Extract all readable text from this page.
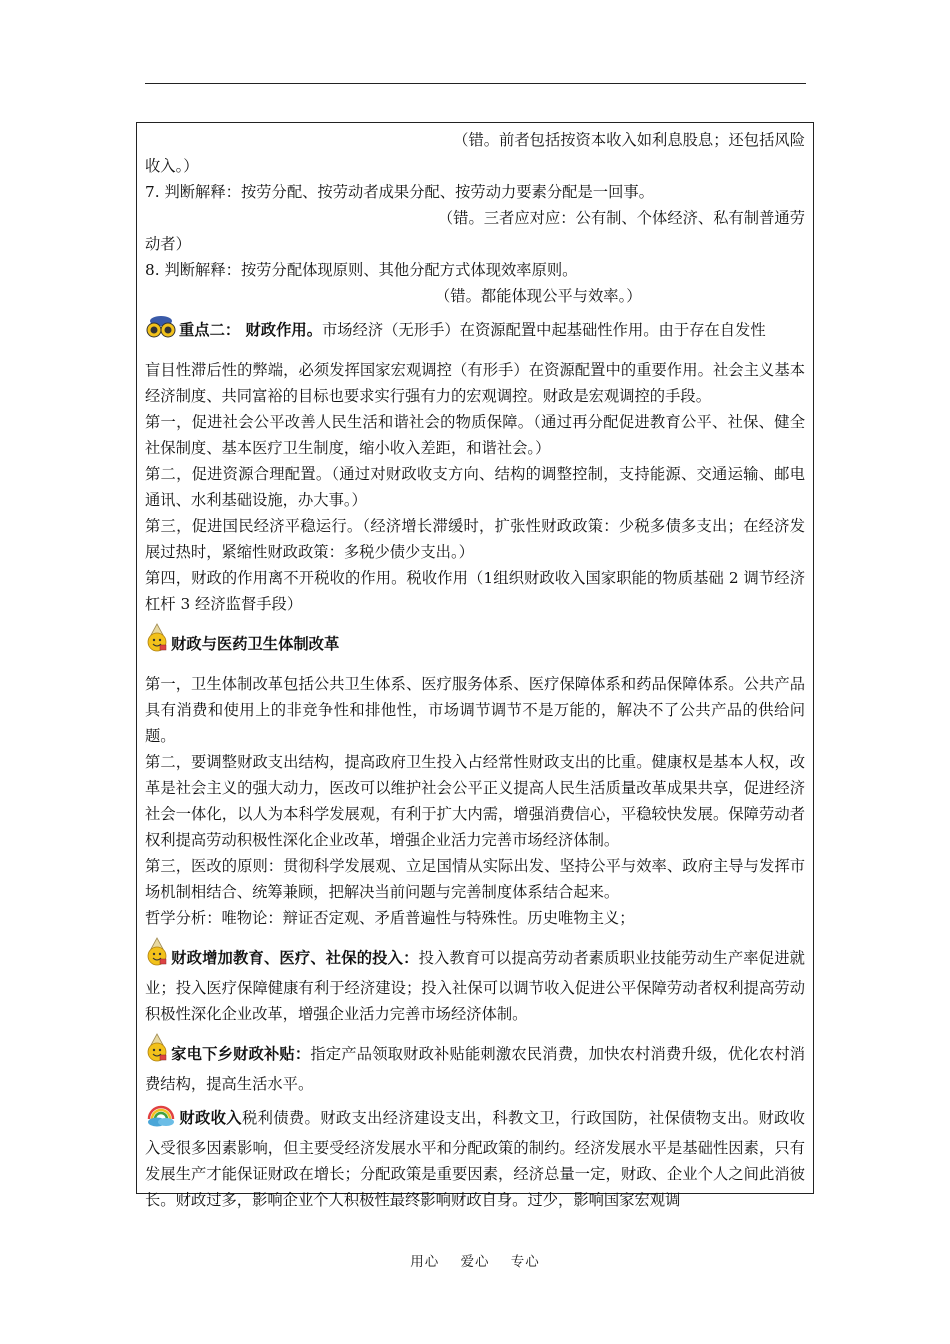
（错。前者包括按资本收入如利息股息；还包括风险

收入。）

7. 判断解释：按劳分配、按劳动者成果分配、按劳动力要素分配是一回事。

（错。三者应对应：公有制、个体经济、私有制普通劳

动者）

8. 判断解释：按劳分配体现原则、其他分配方式体现效率原则。

（错。都能体现公平与效率。）

重点二： 财政作用。市场经济（无形手）在资源配置中起基础性作用。由于存在自发性

盲目性滞后性的弊端，必须发挥国家宏观调控（有形手）在资源配置中的重要作用。社会主义基本经济制度、共同富裕的目标也要求实行强有力的宏观调控。财政是宏观调控的手段。

第一，促进社会公平改善人民生活和谐社会的物质保障。（通过再分配促进教育公平、社保、健全社保制度、基本医疗卫生制度，缩小收入差距，和谐社会。）

第二，促进资源合理配置。（通过对财政收支方向、结构的调整控制，支持能源、交通运输、邮电通讯、水利基础设施，办大事。）

第三，促进国民经济平稳运行。（经济增长滞缓时，扩张性财政政策：少税多债多支出；在经济发展过热时，紧缩性财政政策：多税少债少支出。）

第四，财政的作用离不开税收的作用。税收作用（1组织财政收入国家职能的物质基础 2 调节经济杠杆 3 经济监督手段）

财政与医药卫生体制改革

第一，卫生体制改革包括公共卫生体系、医疗服务体系、医疗保障体系和药品保障体系。公共产品具有消费和使用上的非竞争性和排他性，市场调节调节不是万能的，解决不了公共产品的供给问题。

第二，要调整财政支出结构，提高政府卫生投入占经常性财政支出的比重。健康权是基本人权，改革是社会主义的强大动力，医改可以维护社会公平正义提高人民生活质量改革成果共享，促进经济社会一体化，以人为本科学发展观，有利于扩大内需，增强消费信心，平稳较快发展。保障劳动者权利提高劳动积极性深化企业改革，增强企业活力完善市场经济体制。

第三，医改的原则：贯彻科学发展观、立足国情从实际出发、坚持公平与效率、政府主导与发挥市场机制相结合、统筹兼顾，把解决当前问题与完善制度体系结合起来。

哲学分析：唯物论：辩证否定观、矛盾普遍性与特殊性。历史唯物主义；

财政增加教育、医疗、社保的投入：投入教育可以提高劳动者素质职业技能劳动生产率促进就业；投入医疗保障健康有利于经济建设；投入社保可以调节收入促进公平保障劳动者权利提高劳动积极性深化企业改革，增强企业活力完善市场经济体制。

家电下乡财政补贴：指定产品领取财政补贴能刺激农民消费，加快农村消费升级，优化农村消费结构，提高生活水平。

财政收入税利债费。财政支出经济建设支出，科教文卫，行政国防，社保债物支出。财政收入受很多因素影响，但主要受经济发展水平和分配政策的制约。经济发展水平是基础性因素，只有发展生产才能保证财政在增长；分配政策是重要因素，经济总量一定，财政、企业个人之间此消彼长。财政过多，影响企业个人积极性最终影响财政自身。过少，影响国家宏观调

用心 爱心 专心
